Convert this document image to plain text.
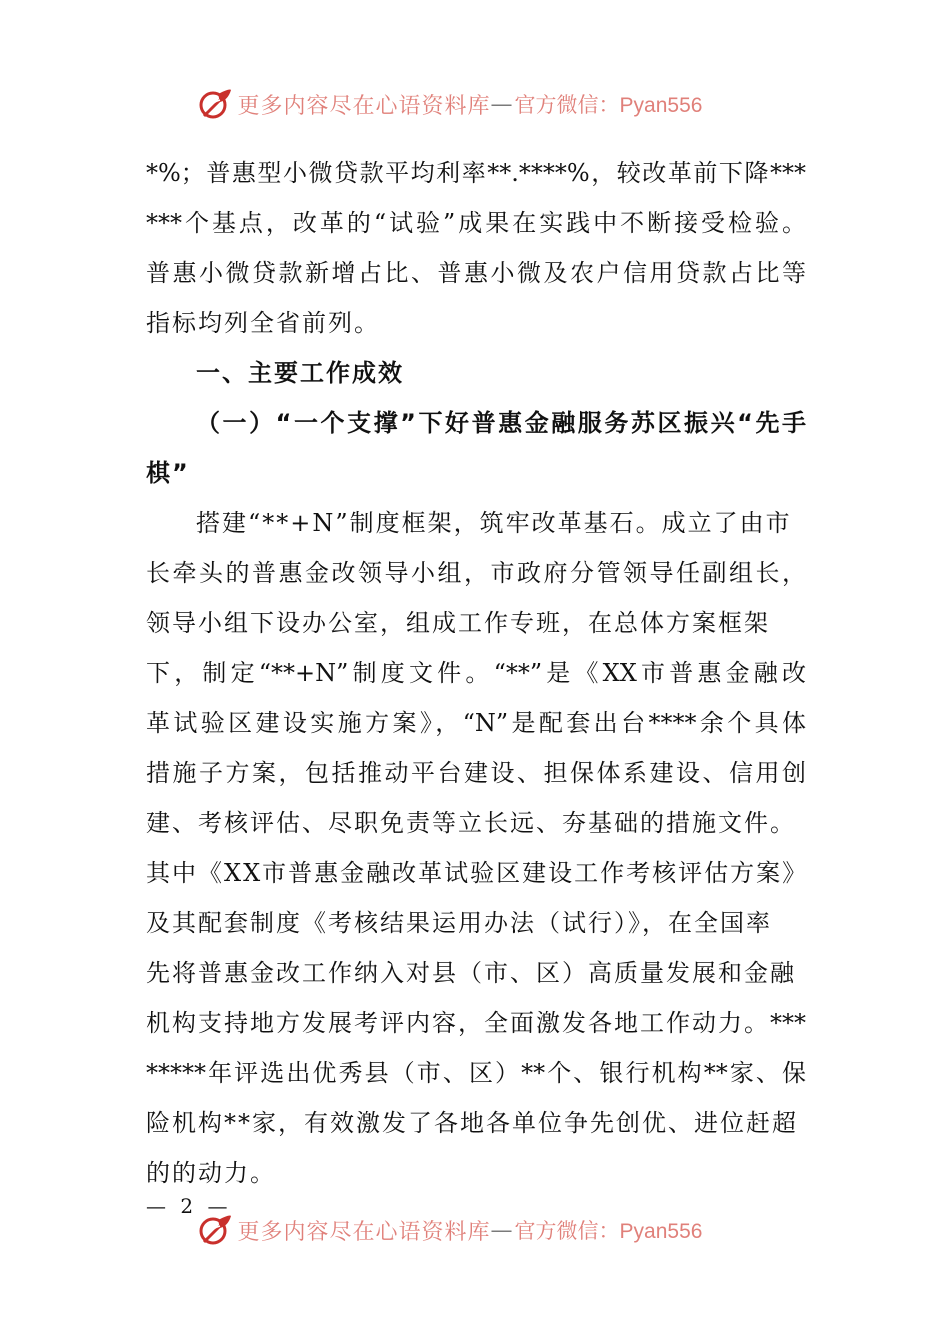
更多内容尽在心语资料库 — 官方微信：Pyan556
*%；普惠型小微贷款平均利率**.****%，较改革前下降***
***个基点，改革的“试验”成果在实践中不断接受检验。
普惠小微贷款新增占比、普惠小微及农户信用贷款占比等
指标均列全省前列。
一、主要工作成效
（一）“一个支撑”下好普惠金融服务苏区振兴“先手
棋”
搭建“**+N”制度框架，筑牢改革基石。成立了由市
长牵头的普惠金改领导小组，市政府分管领导任副组长，
领导小组下设办公室，组成工作专班，在总体方案框架
下，制定“**+N”制度文件。“**”是《XX市普惠金融改
革试验区建设实施方案》，“N”是配套出台****余个具体
措施子方案，包括推动平台建设、担保体系建设、信用创
建、考核评估、尽职免责等立长远、夯基础的措施文件。
其中《XX市普惠金融改革试验区建设工作考核评估方案》
及其配套制度《考核结果运用办法（试行）》，在全国率
先将普惠金改工作纳入对县（市、区）高质量发展和金融
机构支持地方发展考评内容，全面激发各地工作动力。***
*****年评选出优秀县（市、区）**个、银行机构**家、保
险机构**家，有效激发了各地各单位争先创优、进位赶超
的的动力。
— 2 —
更多内容尽在心语资料库 — 官方微信：Pyan556
